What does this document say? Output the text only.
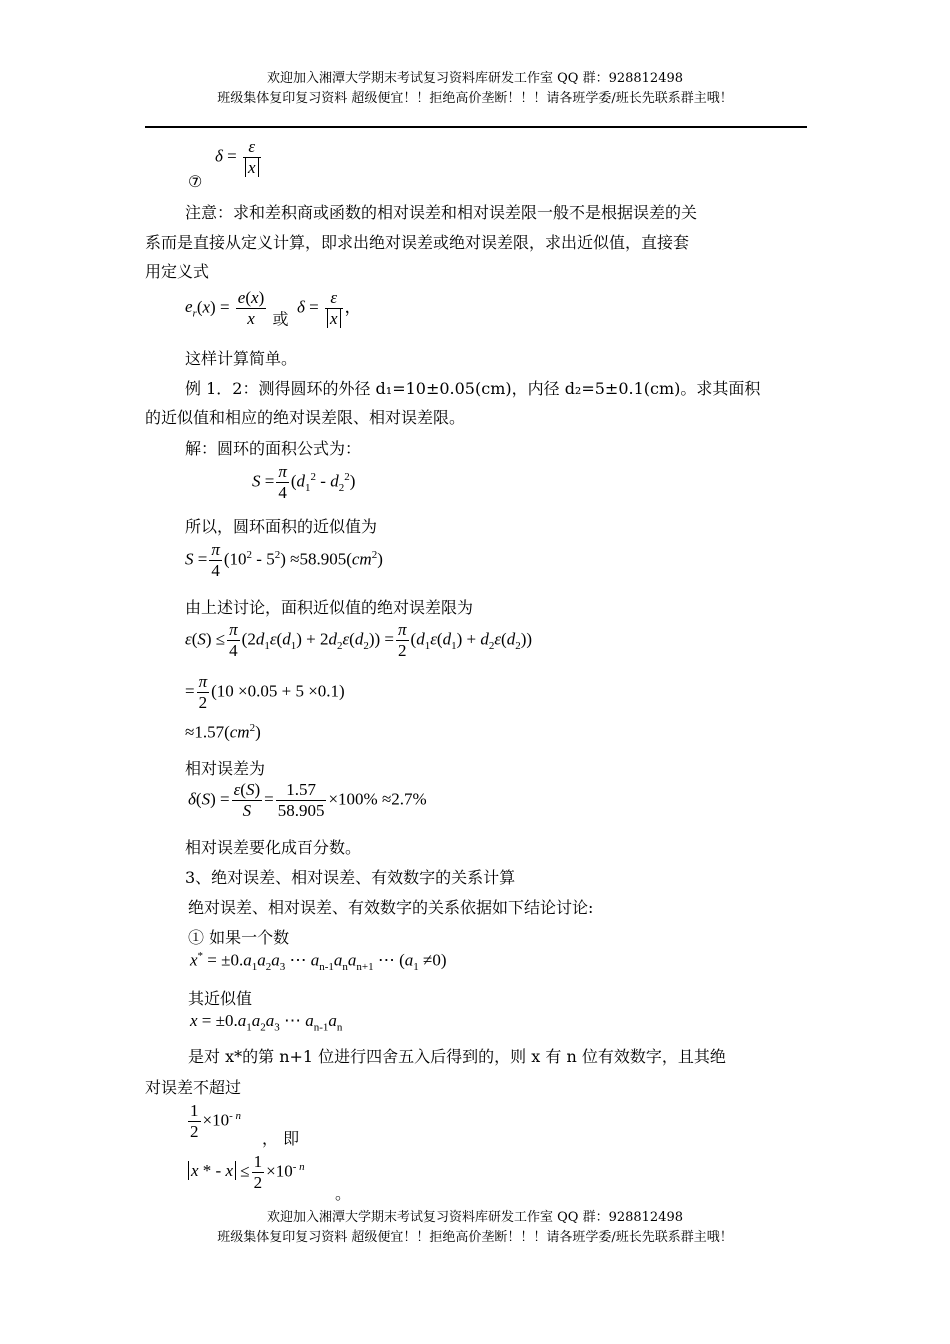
欢迎加入湘潭大学期末考试复习资料库研发工作室 QQ 群：928812498
班级集体复印复习资料 超级便宜！！拒绝高价垄断！！！请各班学委/班长先联系群主哦！
$\delta = \frac{\varepsilon}{x}$
⑦
注意：求和差积商或函数的相对误差和相对误差限一般不是根据误差的关
系而是直接从定义计算，即求出绝对误差或绝对误差限，求出近似值，直接套
用定义式
$e_r(x) = \frac{e(x)}{x}$ 或  $\delta = \frac{\varepsilon}{x}$ ，
这样计算简单。
例 1．2：测得圆环的外径 d₁=10±0.05(cm)，内径 d₂=5±0.1(cm)。求其面积
的近似值和相应的绝对误差限、相对误差限。
解：圆环的面积公式为：
$S = \frac{\pi}{4} (d_1^2 - d_2^2)$
所以，圆环面积的近似值为
$S = \frac{\pi}{4} (10^2 - 5^2) \approx 58.905(cm^2)$
由上述讨论，面积近似值的绝对误差限为
$\varepsilon(S) \le \frac{\pi}{4} (2d_1\varepsilon(d_1) + 2d_2\varepsilon(d_2)) = \frac{\pi}{2} (d_1\varepsilon(d_1) + d_2\varepsilon(d_2))$
= $\frac{\pi}{2} (10 \times 0.05 + 5 \times 0.1)$
$\approx 1.57(cm^2)$
相对误差为
$\delta(S) = \frac{\varepsilon(S)}{S} = \frac{1.57}{58.905} \times 100\% \approx 2.7\%$
相对误差要化成百分数。
3、绝对误差、相对误差、有效数字的关系计算
绝对误差、相对误差、有效数字的关系依据如下结论讨论:
① 如果一个数
$x^* = \pm 0.a_1a_2a_3$ ⋯ $a_{n-1}a_na_{n+1}$ ⋯ $(a_1 \ne 0)$
其近似值
$x = \pm 0.a_1a_2a_3$ ⋯ $a_{n-1}a_n$
是对 x*的第 n+1 位进行四舍五入后得到的，则 x 有 n 位有效数字，且其绝
对误差不超过
$\frac{1}{2} \times 10^{- n}$
， 即
x * - $x \le \frac{1}{2} \times 10^{- n}$
。
欢迎加入湘潭大学期末考试复习资料库研发工作室 QQ 群：928812498
班级集体复印复习资料 超级便宜！！拒绝高价垄断！！！请各班学委/班长先联系群主哦！
